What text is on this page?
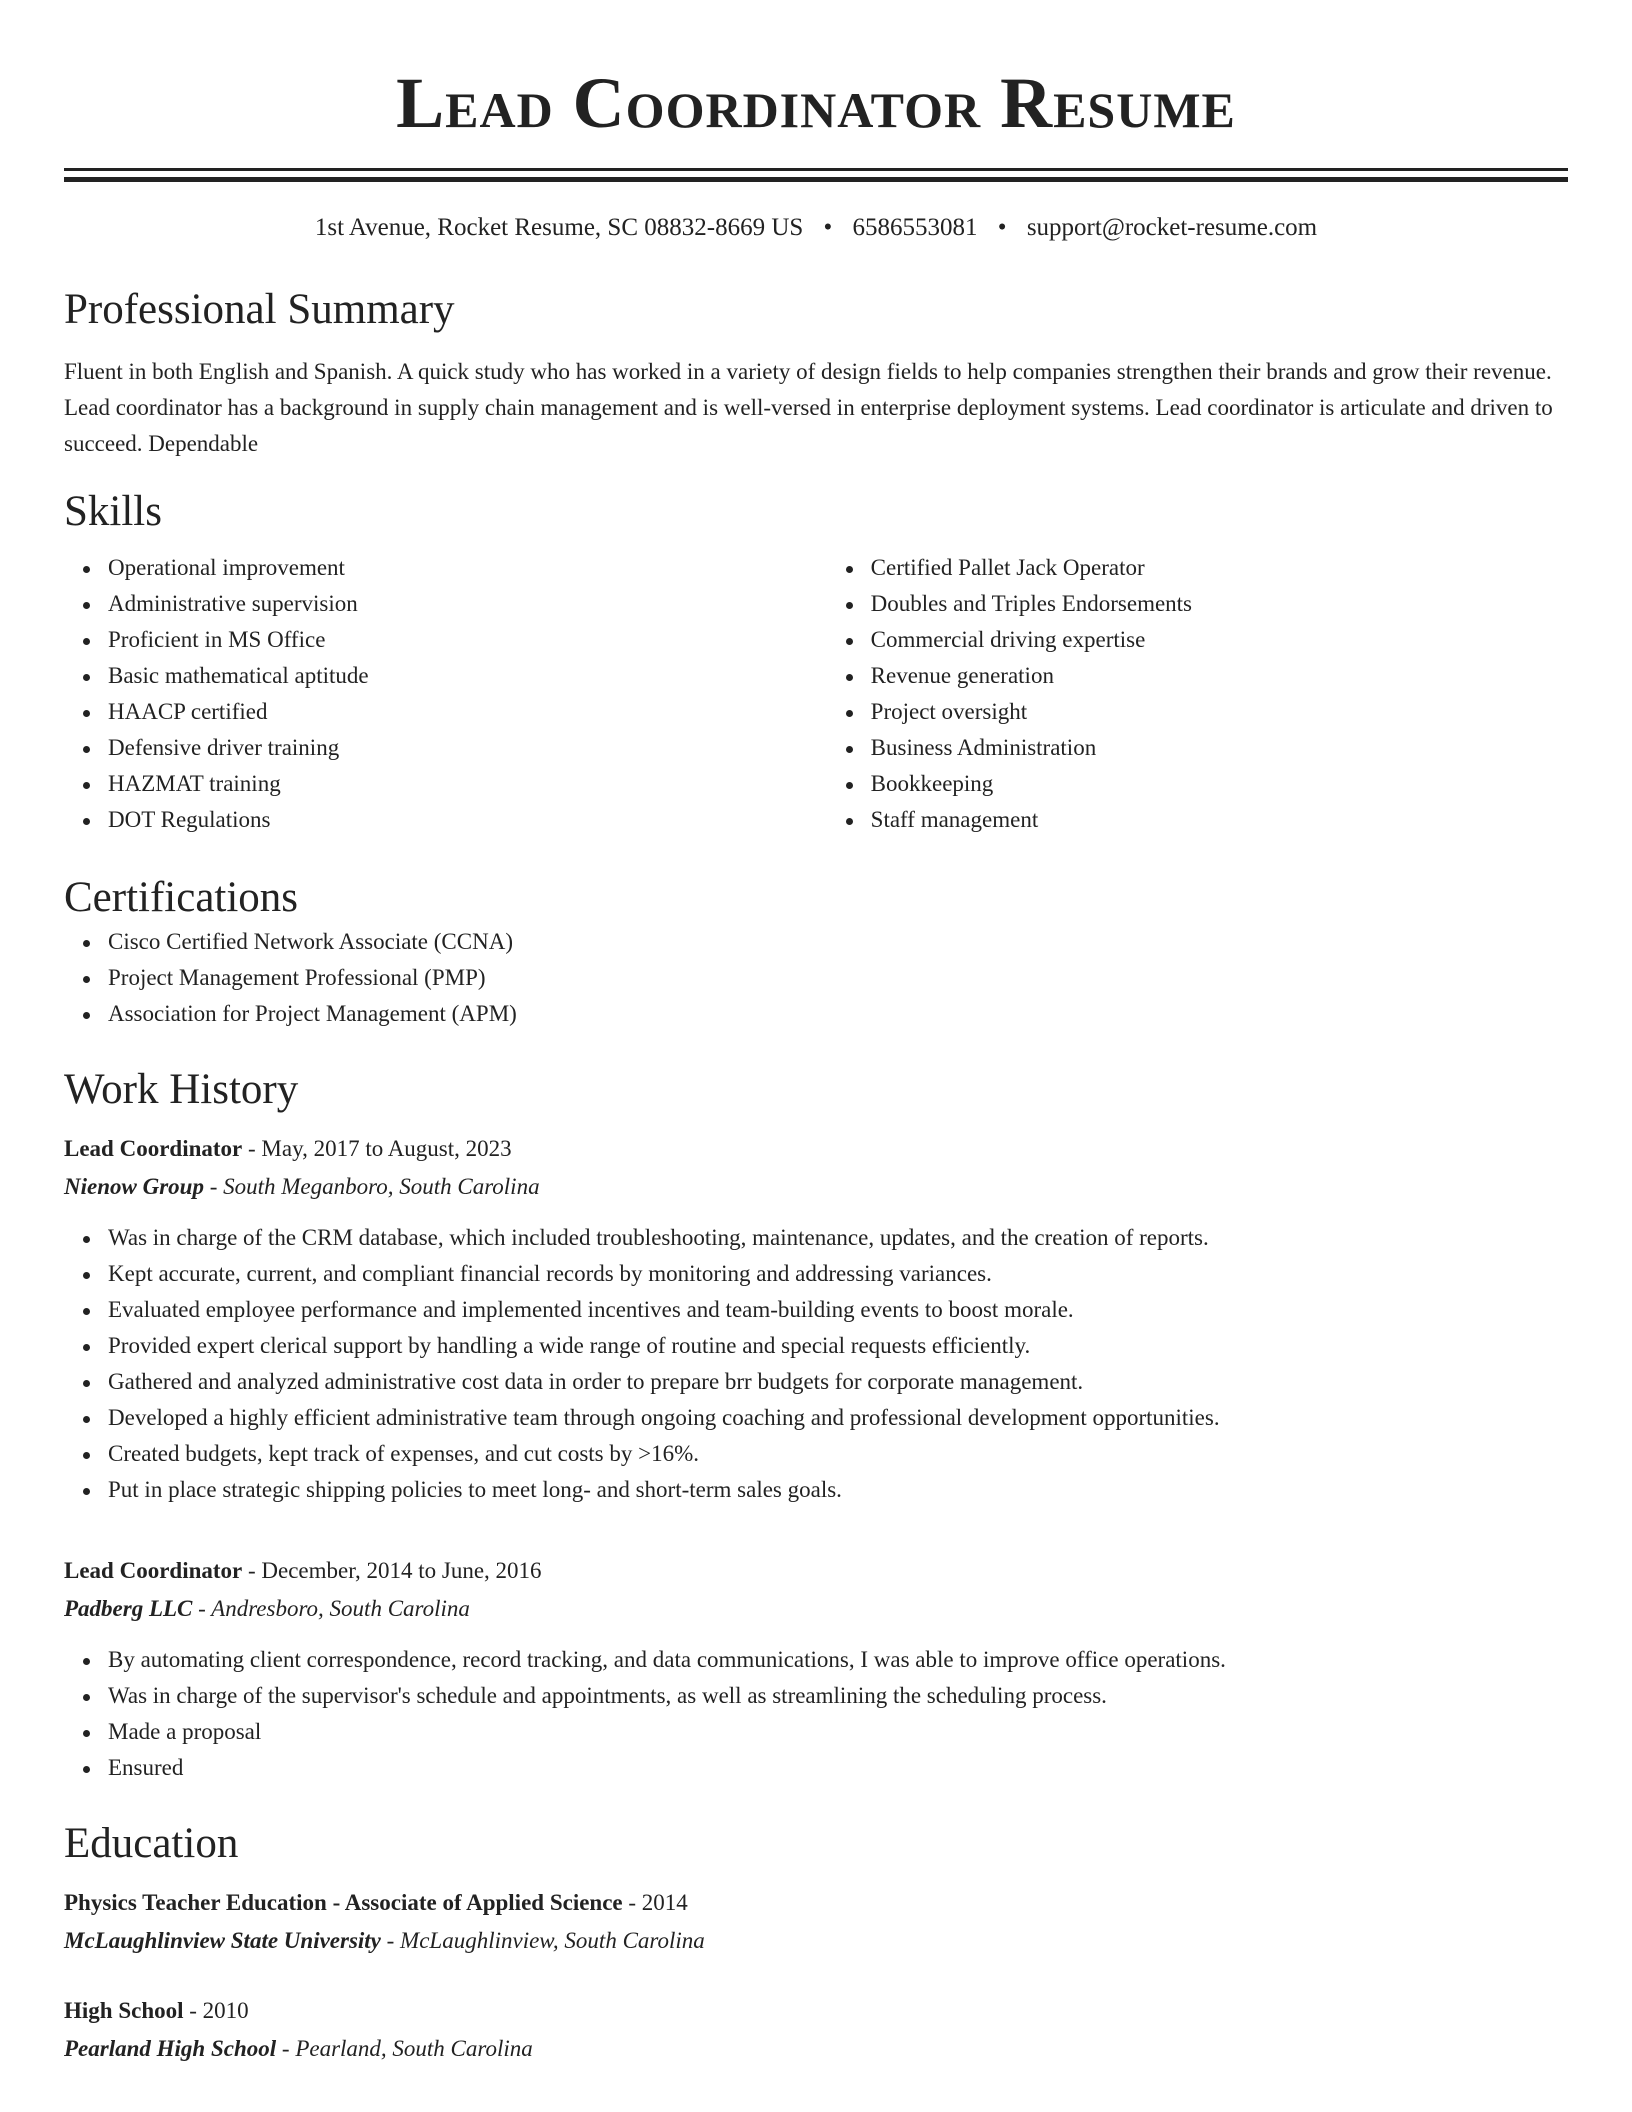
Lead Coordinator Resume
1st Avenue, Rocket Resume, SC 08832-8669 US • 6586553081 • support@rocket-resume.com
Professional Summary
Fluent in both English and Spanish. A quick study who has worked in a variety of design fields to help companies strengthen their brands and grow their revenue. Lead coordinator has a background in supply chain management and is well-versed in enterprise deployment systems. Lead coordinator is articulate and driven to succeed. Dependable
Skills
Operational improvement
Administrative supervision
Proficient in MS Office
Basic mathematical aptitude
HAACP certified
Defensive driver training
HAZMAT training
DOT Regulations
Certified Pallet Jack Operator
Doubles and Triples Endorsements
Commercial driving expertise
Revenue generation
Project oversight
Business Administration
Bookkeeping
Staff management
Certifications
Cisco Certified Network Associate (CCNA)
Project Management Professional (PMP)
Association for Project Management (APM)
Work History
Lead Coordinator - May, 2017 to August, 2023
Nienow Group - South Meganboro, South Carolina
Was in charge of the CRM database, which included troubleshooting, maintenance, updates, and the creation of reports.
Kept accurate, current, and compliant financial records by monitoring and addressing variances.
Evaluated employee performance and implemented incentives and team-building events to boost morale.
Provided expert clerical support by handling a wide range of routine and special requests efficiently.
Gathered and analyzed administrative cost data in order to prepare brr budgets for corporate management.
Developed a highly efficient administrative team through ongoing coaching and professional development opportunities.
Created budgets, kept track of expenses, and cut costs by >16%.
Put in place strategic shipping policies to meet long- and short-term sales goals.
Lead Coordinator - December, 2014 to June, 2016
Padberg LLC - Andresboro, South Carolina
By automating client correspondence, record tracking, and data communications, I was able to improve office operations.
Was in charge of the supervisor's schedule and appointments, as well as streamlining the scheduling process.
Made a proposal
Ensured
Education
Physics Teacher Education - Associate of Applied Science - 2014
McLaughlinview State University - McLaughlinview, South Carolina
High School - 2010
Pearland High School - Pearland, South Carolina
